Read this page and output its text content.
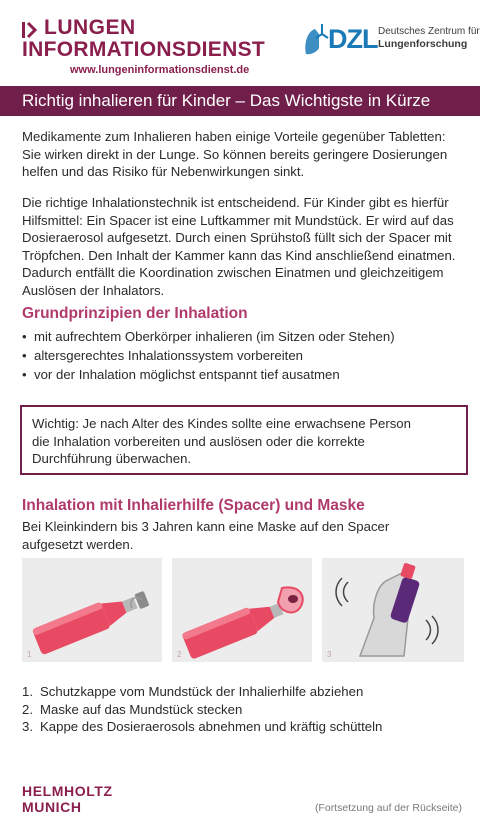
LUNGEN
INFORMATIONSDIENST
www.lungeninformationsdienst.de
DZL Deutsches Zentrum für
Lungenforschung
Richtig inhalieren für Kinder – Das Wichtigste in Kürze

Medikamente zum Inhalieren haben einige Vorteile gegenüber Tabletten: Sie wirken direkt in der Lunge. So können bereits geringere Dosierungen helfen und das Risiko für Nebenwirkungen sinkt.

Die richtige Inhalationstechnik ist entscheidend. Für Kinder gibt es hierfür Hilfsmittel: Ein Spacer ist eine Luftkammer mit Mundstück. Er wird auf das Dosieraerosol aufgesetzt. Durch einen Sprühstoß füllt sich der Spacer mit Tröpfchen. Den Inhalt der Kammer kann das Kind anschließend einatmen. Dadurch entfällt die Koordination zwischen Einatmen und gleichzeitigem Auslösen der Inhalators.

Grundprinzipien der Inhalation
• mit aufrechtem Oberkörper inhalieren (im Sitzen oder Stehen)
• altersgerechtes Inhalationssystem vorbereiten
• vor der Inhalation möglichst entspannt tief ausatmen
Wichtig: Je nach Alter des Kindes sollte eine erwachsene Person die Inhalation vorbereiten und auslösen oder die korrekte Durchführung überwachen.
Inhalation mit Inhalierhilfe (Spacer) und Maske

Bei Kleinkindern bis 3 Jahren kann eine Maske auf den Spacer aufgesetzt werden.

1	2	3
1. Schutzkappe vom Mundstück der Inhalierhilfe abziehen
2. Maske auf das Mundstück stecken
3. Kappe des Dosieraerosols abnehmen und kräftig schütteln
HELMHOLTZ
MUNICH	(Fortsetzung auf der Rückseite)
